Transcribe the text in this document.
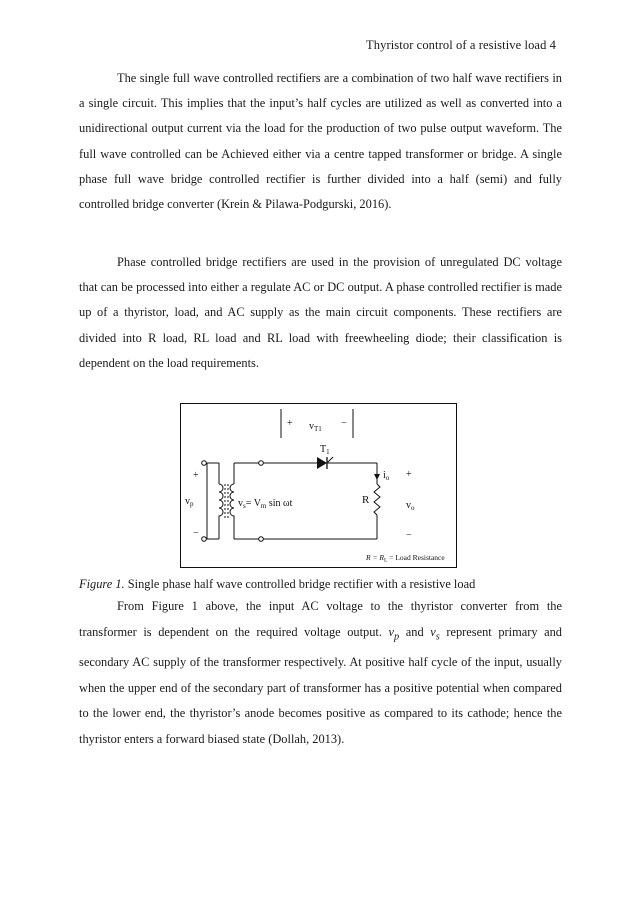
Thyristor control of a resistive load 4

The single full wave controlled rectifiers are a combination of two half wave rectifiers in a single circuit. This implies that the input’s half cycles are utilized as well as converted into a unidirectional output current via the load for the production of two pulse output waveform. The full wave controlled can be Achieved either via a centre tapped transformer or bridge. A single phase full wave bridge controlled rectifier is further divided into a half (semi) and fully controlled bridge converter (Krein & Pilawa-Podgurski, 2016).

Phase controlled bridge rectifiers are used in the provision of unregulated DC voltage that can be processed into either a regulate AC or DC output. A phase controlled rectifier is made up of a thyristor, load, and AC supply as the main circuit components. These rectifiers are divided into R load, RL load and RL load with freewheeling diode; their classification is dependent on the load requirements.

+ $v_{T1}$ −
$T_1$
$v_p$
+
−
$v_s= V_m$ sin ωt
$i_o$
R
+
$v_o$
−
$R = R_L$ = Load Resistance

Figure 1. Single phase half wave controlled bridge rectifier with a resistive load

From Figure 1 above, the input AC voltage to the thyristor converter from the transformer is dependent on the required voltage output. $v_p$ and $v_s$ represent primary and secondary AC supply of the transformer respectively. At positive half cycle of the input, usually when the upper end of the secondary part of transformer has a positive potential when compared to the lower end, the thyristor’s anode becomes positive as compared to its cathode; hence the thyristor enters a forward biased state (Dollah, 2013).
